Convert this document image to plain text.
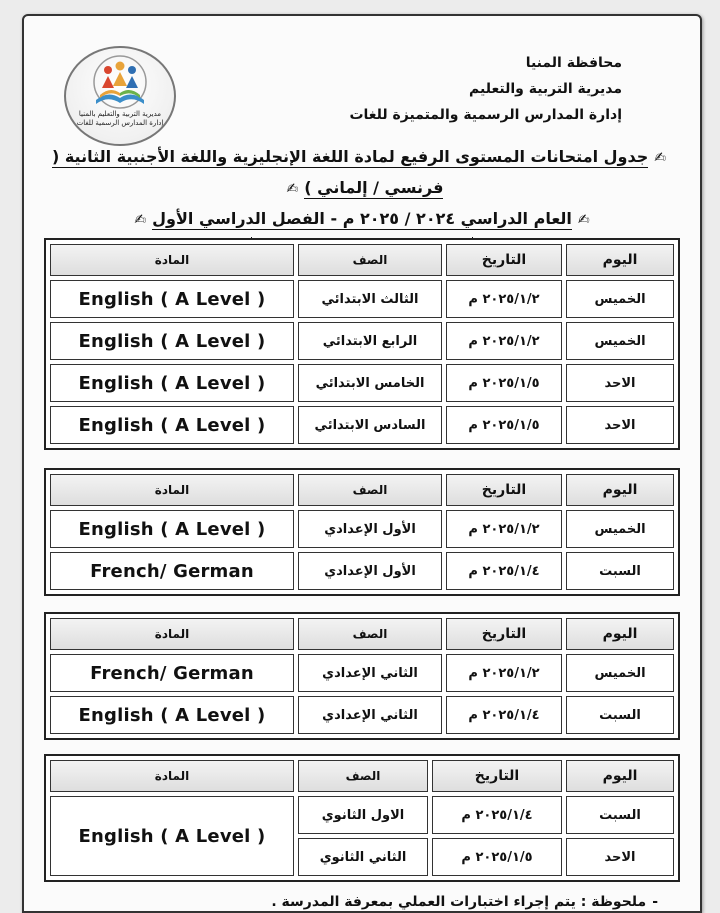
مديرية التربية والتعليم بالمنيا
إدارة المدارس الرسمية للغات
محافظة المنيا
مديرية التربية والتعليم
إدارة المدارس الرسمية والمتميزة للغات
✍جدول امتحانات المستوى الرفيع لمادة اللغة الإنجليزية واللغة الأجنبية الثانية ( فرنسي / إلماني )✍
✍العام الدراسي ٢٠٢٤ / ٢٠٢٥ م - الفصل الدراسي الأول✍
اليوم	التاريخ	الصف	المادة
الخميس	٢٠٢٥/١/٢ م	الثالث الابتدائي	English ( A Level )
الخميس	٢٠٢٥/١/٢ م	الرابع الابتدائي	English ( A Level )
الاحد	٢٠٢٥/١/٥ م	الخامس الابتدائي	English ( A Level )
الاحد	٢٠٢٥/١/٥ م	السادس الابتدائي	English ( A Level )
اليوم	التاريخ	الصف	المادة
الخميس	٢٠٢٥/١/٢ م	الأول الإعدادي	English ( A Level )
السبت	٢٠٢٥/١/٤ م	الأول الإعدادي	French/ German
اليوم	التاريخ	الصف	المادة
الخميس	٢٠٢٥/١/٢ م	الثاني الإعدادي	French/ German
السبت	٢٠٢٥/١/٤ م	الثاني الإعدادي	English ( A Level )
اليوم	التاريخ	الصف	المادة
السبت	٢٠٢٥/١/٤ م	الاول الثانوي	English ( A Level )
الاحد	٢٠٢٥/١/٥ م	الثاني الثانوي	
-ملحوظة : يتم إجراء اختبارات العملي بمعرفة المدرسة .
